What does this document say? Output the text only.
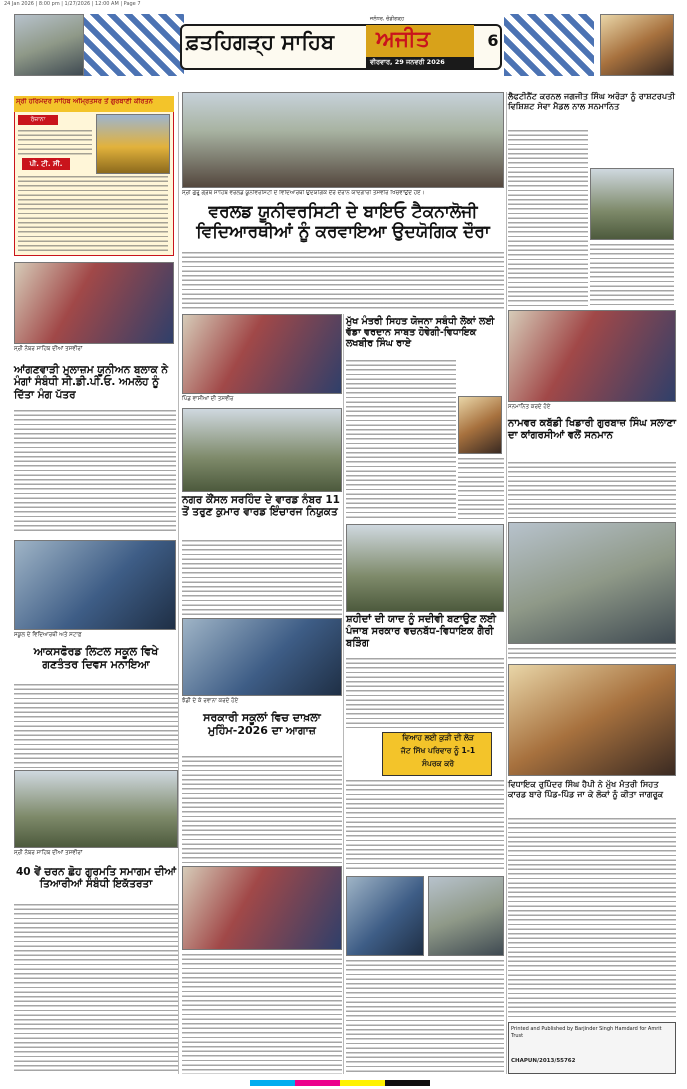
24 Jan 2026 | 8:00 pm | 1/27/2026 | 12:00 AM | Page 7
ਫ਼ਤਹਿਗੜ੍ਹ ਸਾਹਿਬ	ਅਜੀਤ
ਵੀਰਵਾਰ, 29 ਜਨਵਰੀ 2026
ਜਲੰਧਰ, ਚੰਡੀਗੜ੍ਹ
6
ਸ੍ਰੀ ਹਰਿਮੰਦਰ ਸਾਹਿਬ ਅੰਮ੍ਰਿਤਸਰ ਤੋਂ ਗੁਰਬਾਣੀ ਕੀਰਤਨ
ਰੋਜ਼ਾਨਾ
ਪੀ. ਟੀ. ਸੀ.
ਸ੍ਰੀ ਨੰਬਰ ਸਾਹਿਬ ਦੀਆਂ ਤਸਵੀਰਾਂ
ਆਂਗਣਵਾੜੀ ਮੁਲਾਜ਼ਮ ਯੂਨੀਅਨ ਬਲਾਕ ਨੇ ਮੰਗਾਂ ਸੰਬੰਧੀ ਸੀ.ਡੀ.ਪੀ.ਓ. ਅਮਲੋਹ ਨੂੰ ਦਿੱਤਾ ਮੰਗ ਪੱਤਰ
ਸਕੂਲ ਦੇ ਵਿਦਿਆਰਥੀ ਅਤੇ ਸਟਾਫ਼
ਆਕਸਫੋਰਡ ਲਿਟਲ ਸਕੂਲ ਵਿਖੇ ਗਣਤੰਤਰ ਦਿਵਸ ਮਨਾਇਆ
ਸ੍ਰੀ ਨੰਬਰ ਸਾਹਿਬ ਦੀਆਂ ਤਸਵੀਰਾਂ
40 ਵੇਂ ਚਰਨ ਛੋਹ ਗੁਰਮਤਿ ਸਮਾਗਮ ਦੀਆਂ ਤਿਆਰੀਆਂ ਸੰਬੰਧੀ ਇਕੱਤਰਤਾ
ਸ੍ਰੀ ਗੁਰੂ ਗ੍ਰੰਥ ਸਾਹਿਬ ਵਰਲਡ ਯੂਨੀਵਰਸਿਟੀ ਦੇ ਵਿਦਿਆਰਥੀ ਉਦਯੋਗਿਕ ਦੌਰੇ ਦੌਰਾਨ ਯਾਦਗਾਰੀ ਤਸਵੀਰ ਖਿਚਵਾਉਂਦੇ ਹੋਏ।
ਵਰਲਡ ਯੂਨੀਵਰਸਿਟੀ ਦੇ ਬਾਇਓ ਟੈਕਨਾਲੋਜੀ ਵਿਦਿਆਰਥੀਆਂ ਨੂੰ ਕਰਵਾਇਆ ਉਦਯੋਗਿਕ ਦੌਰਾ
ਪਿੰਡ ਵਾਸੀਆਂ ਦੀ ਤਸਵੀਰ
ਨਗਰ ਕੌਂਸਲ ਸਰਹਿੰਦ ਦੇ ਵਾਰਡ ਨੰਬਰ 11 ਤੋਂ ਤਰੁਣ ਕੁਮਾਰ ਵਾਰਡ ਇੰਚਾਰਜ ਨਿਯੁਕਤ
ਝੰਡੀ ਦੇ ਕੇ ਰਵਾਨਾ ਕਰਦੇ ਹੋਏ
ਸਰਕਾਰੀ ਸਕੂਲਾਂ ਵਿਚ ਦਾਖ਼ਲਾ ਮੁਹਿੰਮ-2026 ਦਾ ਆਗਾਜ਼
ਮੁੱਖ ਮੰਤਰੀ ਸਿਹਤ ਯੋਜਨਾ ਸਬੰਧੀ ਲੋਕਾਂ ਲਈ ਵੱਡਾ ਵਰਦਾਨ ਸਾਬਤ ਹੋਵੇਗੀ-ਵਿਧਾਇਕ ਲਖਬੀਰ ਸਿੰਘ ਰਾਏ
ਸ਼ਹੀਦਾਂ ਦੀ ਯਾਦ ਨੂੰ ਸਦੀਵੀ ਬਣਾਉਣ ਲਈ ਪੰਜਾਬ ਸਰਕਾਰ ਵਚਨਬੱਧ-ਵਿਧਾਇਕ ਗੈਰੀ ਬੜਿੰਗ
ਵਿਆਹ ਲਈ ਕੁੜੀ ਦੀ ਲੋੜ
ਜੱਟ ਸਿੱਖ ਪਰਿਵਾਰ ਨੂੰ 1-1
ਸੰਪਰਕ ਕਰੋ
ਲੈਫਟੀਨੈਂਟ ਕਰਨਲ ਜਗਜੀਤ ਸਿੰਘ ਅਰੋੜਾ ਨੂੰ ਰਾਸ਼ਟਰਪਤੀ ਵਿਸ਼ਿਸ਼ਟ ਸੇਵਾ ਮੈਡਲ ਨਾਲ ਸਨਮਾਨਿਤ
ਸਨਮਾਨਿਤ ਕਰਦੇ ਹੋਏ
ਨਾਮਵਰ ਕਬੱਡੀ ਖਿਡਾਰੀ ਗੁਰਬਾਜ਼ ਸਿੰਘ ਸਲਾਣਾ ਦਾ ਕਾਂਗਰਸੀਆਂ ਵਲੋਂ ਸਨਮਾਨ
ਵਿਧਾਇਕ ਰੁਪਿੰਦਰ ਸਿੰਘ ਹੈਪੀ ਨੇ ਮੁੱਖ ਮੰਤਰੀ ਸਿਹਤ ਕਾਰਡ ਬਾਰੇ ਪਿੰਡ-ਪਿੰਡ ਜਾ ਕੇ ਲੋਕਾਂ ਨੂੰ ਕੀਤਾ ਜਾਗਰੂਕ
Printed and Published by Barjinder Singh Hamdard for Amrit Trust
CHAPUN/2013/55762
